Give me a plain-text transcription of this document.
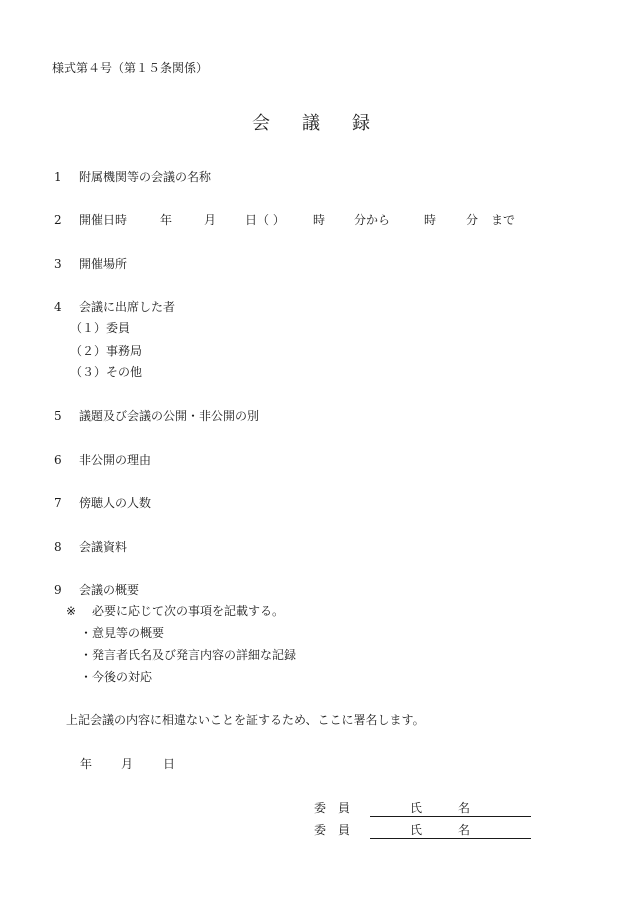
様式第４号（第１５条関係）
会議録
1 附属機関等の会議の名称
2 開催日時	年	月 日（ ） 時 分から	時 分 まで
3 開催場所
4 会議に出席した者
（１）委員
（２）事務局
（３）その他
5 議題及び会議の公開・非公開の別
6 非公開の理由
7 傍聴人の人数
8 会議資料
9 会議の概要
※ 必要に応じて次の事項を記載する。
・意見等の概要
・発言者氏名及び発言内容の詳細な記録
・今後の対応
上記会議の内容に相違ないことを証するため、ここに署名します。
年 月 日
委　員	氏　　　名
委　員	氏　　　名
